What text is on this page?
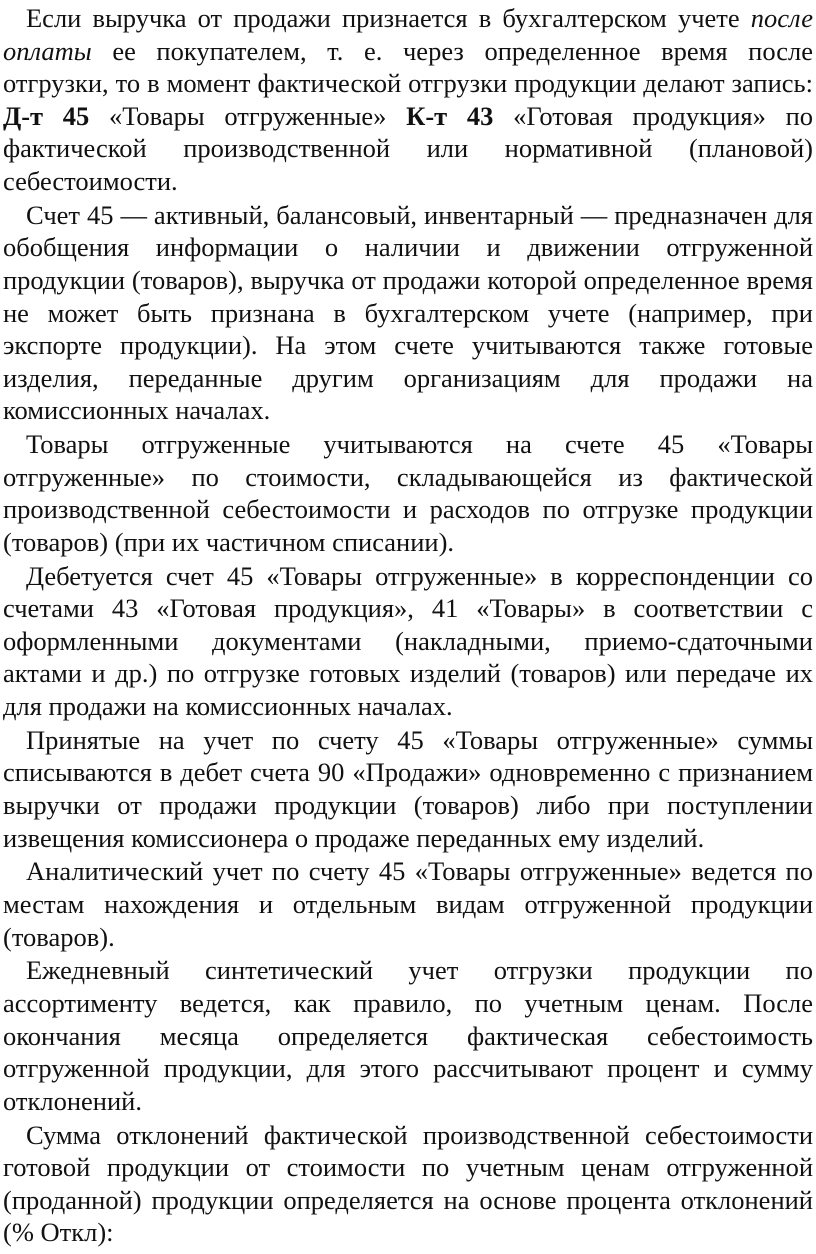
Если выручка от продажи признается в бухгалтерском учете после оплаты ее покупателем, т. е. через определенное время после отгрузки, то в момент фактической отгрузки продукции делают запись: Д-т 45 «Товары отгруженные» К-т 43 «Готовая продукция» по фактической производственной или нормативной (плановой) себестоимости.

Счет 45 — активный, балансовый, инвентарный — предназначен для обобщения информации о наличии и движении отгруженной продукции (товаров), выручка от продажи которой определенное время не может быть признана в бухгалтерском учете (например, при экспорте продукции). На этом счете учитываются также готовые изделия, переданные другим организациям для продажи на комиссионных началах.

Товары отгруженные учитываются на счете 45 «Товары отгруженные» по стоимости, складывающейся из фактической производственной себестоимости и расходов по отгрузке продукции (товаров) (при их частичном списании).

Дебетуется счет 45 «Товары отгруженные» в корреспонденции со счетами 43 «Готовая продукция», 41 «Товары» в соответствии с оформленными документами (накладными, приемо-сдаточными актами и др.) по отгрузке готовых изделий (товаров) или передаче их для продажи на комиссионных началах.

Принятые на учет по счету 45 «Товары отгруженные» суммы списываются в дебет счета 90 «Продажи» одновременно с признанием выручки от продажи продукции (товаров) либо при поступлении извещения комиссионера о продаже переданных ему изделий.

Аналитический учет по счету 45 «Товары отгруженные» ведется по местам нахождения и отдельным видам отгруженной продукции (товаров).

Ежедневный синтетический учет отгрузки продукции по ассортименту ведется, как правило, по учетным ценам. После окончания месяца определяется фактическая себестоимость отгруженной продукции, для этого рассчитывают процент и сумму отклонений.

Сумма отклонений фактической производственной себестоимости готовой продукции от стоимости по учетным ценам отгруженной (проданной) продукции определяется на основе процента отклонений (% Откл):
